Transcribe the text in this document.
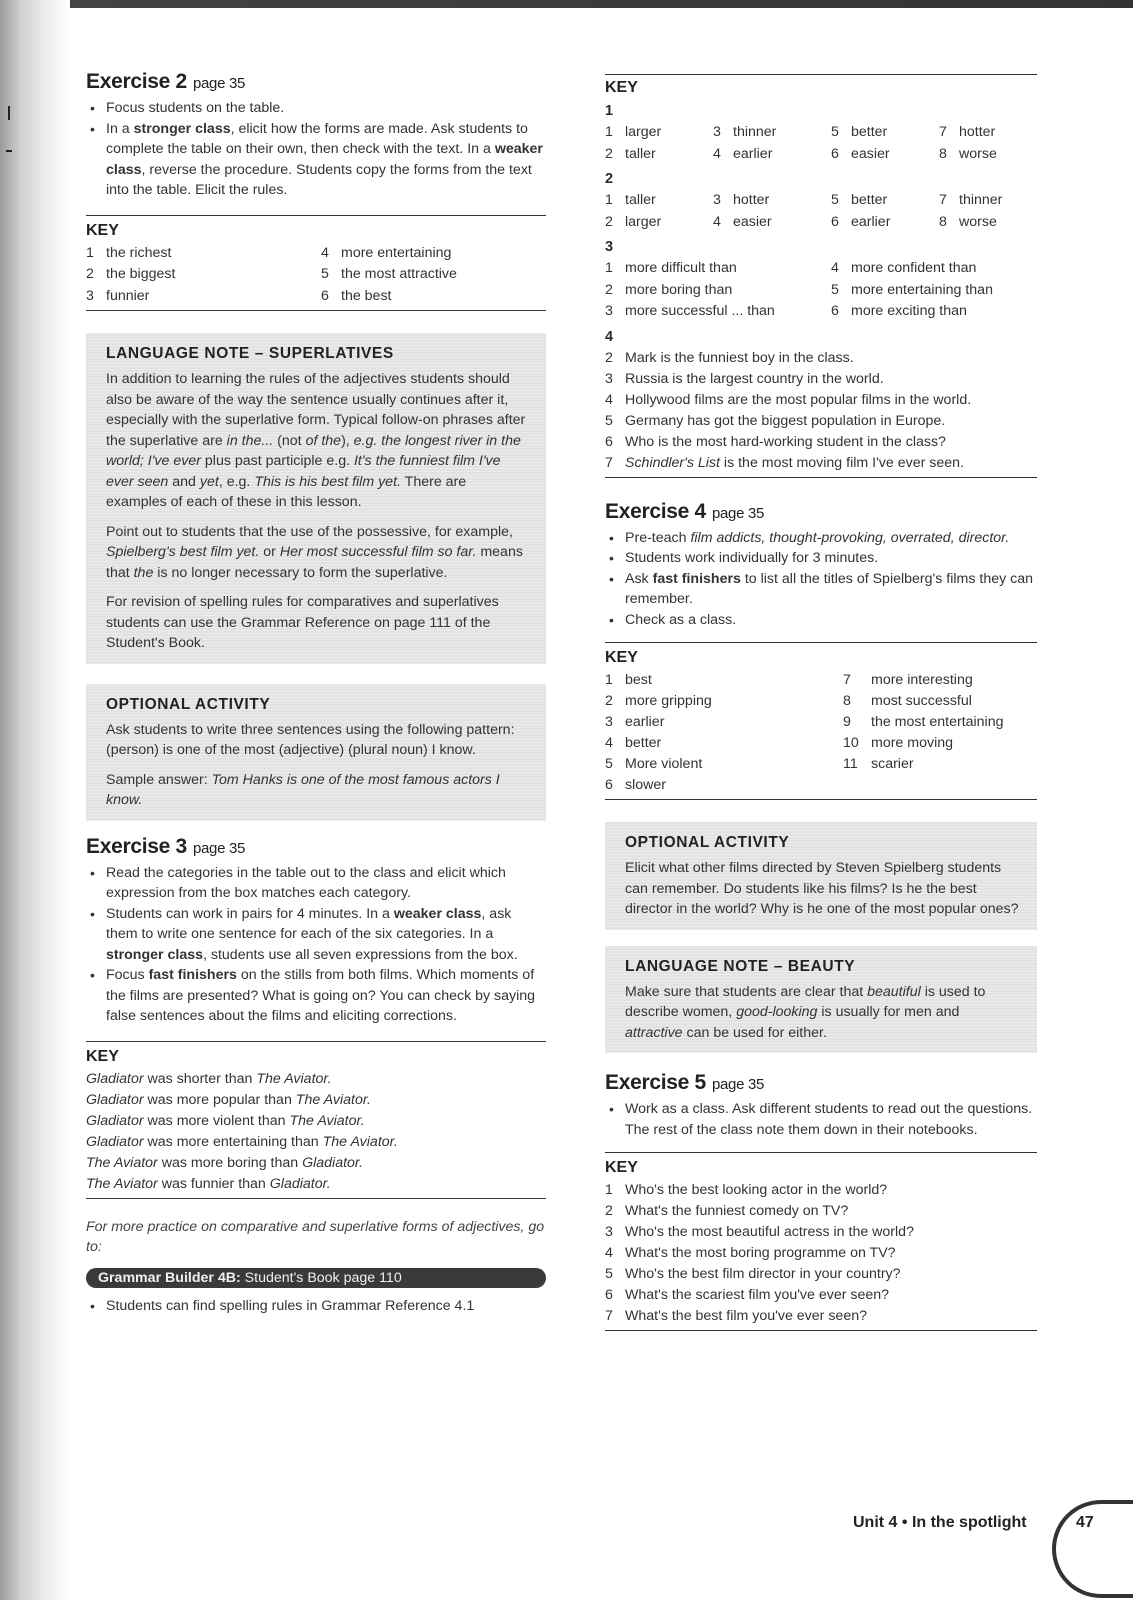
Exercise 2 page 35
• Focus students on the table.
• In a stronger class, elicit how the forms are made. Ask students to complete the table on their own, then check with the text. In a weaker class, reverse the procedure. Students copy the forms from the text into the table. Elicit the rules.
KEY
1 the richest
2 the biggest
3 funnier
4 more entertaining
5 the most attractive
6 the best
LANGUAGE NOTE – SUPERLATIVES

In addition to learning the rules of the adjectives students should also be aware of the way the sentence usually continues after it, especially with the superlative form. Typical follow-on phrases after the superlative are in the... (not of the), e.g. the longest river in the world; I've ever plus past participle e.g. It's the funniest film I've ever seen and yet, e.g. This is his best film yet. There are examples of each of these in this lesson.

Point out to students that the use of the possessive, for example, Spielberg's best film yet. or Her most successful film so far. means that the is no longer necessary to form the superlative.

For revision of spelling rules for comparatives and superlatives students can use the Grammar Reference on page 111 of the Student's Book.

OPTIONAL ACTIVITY

Ask students to write three sentences using the following pattern: (person) is one of the most (adjective) (plural noun) I know.

Sample answer: Tom Hanks is one of the most famous actors I know.

Exercise 3 page 35
• Read the categories in the table out to the class and elicit which expression from the box matches each category.
• Students can work in pairs for 4 minutes. In a weaker class, ask them to write one sentence for each of the six categories. In a stronger class, students use all seven expressions from the box.
• Focus fast finishers on the stills from both films. Which moments of the films are presented? What is going on? You can check by saying false sentences about the films and eliciting corrections.
KEY
Gladiator was shorter than The Aviator.
Gladiator was more popular than The Aviator.
Gladiator was more violent than The Aviator.
Gladiator was more entertaining than The Aviator.
The Aviator was more boring than Gladiator.
The Aviator was funnier than Gladiator.
For more practice on comparative and superlative forms of adjectives, go to:
Grammar Builder 4B: Student's Book page 110
• Students can find spelling rules in Grammar Reference 4.1
KEY
1
1 larger
2 taller
3 thinner
4 earlier
5 better
6 easier
7 hotter
8 worse
2
1 taller
2 larger
3 hotter
4 easier
5 better
6 earlier
7 thinner
8 worse
3
1 more difficult than
2 more boring than
3 more successful ... than
4 more confident than
5 more entertaining than
6 more exciting than
4
2 Mark is the funniest boy in the class.
3 Russia is the largest country in the world.
4 Hollywood films are the most popular films in the world.
5 Germany has got the biggest population in Europe.
6 Who is the most hard-working student in the class?
7 Schindler's List is the most moving film I've ever seen.
Exercise 4 page 35
• Pre-teach film addicts, thought-provoking, overrated, director.
• Students work individually for 3 minutes.
• Ask fast finishers to list all the titles of Spielberg's films they can remember.
• Check as a class.
KEY
1 best
2 more gripping
3 earlier
4 better
5 More violent
6 slower
7 more interesting
8 most successful
9 the most entertaining
10 more moving
11 scarier
OPTIONAL ACTIVITY

Elicit what other films directed by Steven Spielberg students can remember. Do students like his films? Is he the best director in the world? Why is he one of the most popular ones?

LANGUAGE NOTE – BEAUTY

Make sure that students are clear that beautiful is used to describe women, good-looking is usually for men and attractive can be used for either.

Exercise 5 page 35
• Work as a class. Ask different students to read out the questions. The rest of the class note them down in their notebooks.
KEY
1 Who's the best looking actor in the world?
2 What's the funniest comedy on TV?
3 Who's the most beautiful actress in the world?
4 What's the most boring programme on TV?
5 Who's the best film director in your country?
6 What's the scariest film you've ever seen?
7 What's the best film you've ever seen?
Unit 4 • In the spotlight	47
